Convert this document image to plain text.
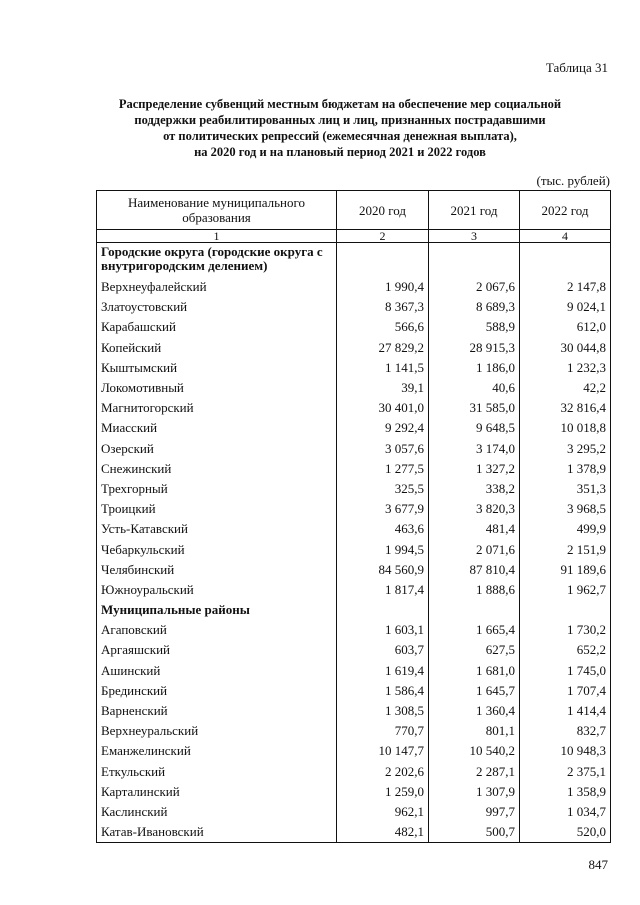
Таблица 31
Распределение субвенций местным бюджетам на обеспечение мер социальной
поддержки реабилитированных лиц и лиц, признанных пострадавшими
от политических репрессий (ежемесячная денежная выплата),
на 2020 год и на плановый период 2021 и 2022 годов
(тыс. рублей)
Наименование муниципального образования	2020 год	2021 год	2022 год
1	2	3	4
Городские округа (городские округа с внутригородским делением)			
Верхнеуфалейский	1 990,4	2 067,6	2 147,8
Златоустовский	8 367,3	8 689,3	9 024,1
Карабашский	566,6	588,9	612,0
Копейский	27 829,2	28 915,3	30 044,8
Кыштымский	1 141,5	1 186,0	1 232,3
Локомотивный	39,1	40,6	42,2
Магнитогорский	30 401,0	31 585,0	32 816,4
Миасский	9 292,4	9 648,5	10 018,8
Озерский	3 057,6	3 174,0	3 295,2
Снежинский	1 277,5	1 327,2	1 378,9
Трехгорный	325,5	338,2	351,3
Троицкий	3 677,9	3 820,3	3 968,5
Усть-Катавский	463,6	481,4	499,9
Чебаркульский	1 994,5	2 071,6	2 151,9
Челябинский	84 560,9	87 810,4	91 189,6
Южноуральский	1 817,4	1 888,6	1 962,7
Муниципальные районы			
Агаповский	1 603,1	1 665,4	1 730,2
Аргаяшский	603,7	627,5	652,2
Ашинский	1 619,4	1 681,0	1 745,0
Брединский	1 586,4	1 645,7	1 707,4
Варненский	1 308,5	1 360,4	1 414,4
Верхнеуральский	770,7	801,1	832,7
Еманжелинский	10 147,7	10 540,2	10 948,3
Еткульский	2 202,6	2 287,1	2 375,1
Карталинский	1 259,0	1 307,9	1 358,9
Каслинский	962,1	997,7	1 034,7
Катав-Ивановский	482,1	500,7	520,0
847
